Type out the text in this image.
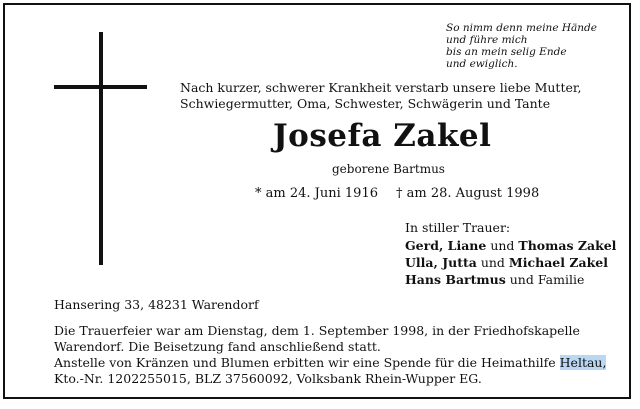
So nimm denn meine Hände
und führe mich
bis an mein selig Ende
und ewiglich.
Nach kurzer, schwerer Krankheit verstarb unsere liebe Mutter,
Schwiegermutter, Oma, Schwester, Schwägerin und Tante
Josefa Zakel
geborene Bartmus
* am 24. Juni 1916 † am 28. August 1998
In stiller Trauer:
Gerd, Liane und Thomas Zakel
Ulla, Jutta und Michael Zakel
Hans Bartmus und Familie
Hansering 33, 48231 Warendorf
Die Trauerfeier war am Dienstag, dem 1. September 1998, in der Friedhofskapelle
Warendorf. Die Beisetzung fand anschließend statt.
Anstelle von Kränzen und Blumen erbitten wir eine Spende für die Heimathilfe Heltau,
Kto.-Nr. 1202255015, BLZ 37560092, Volksbank Rhein-Wupper EG.
